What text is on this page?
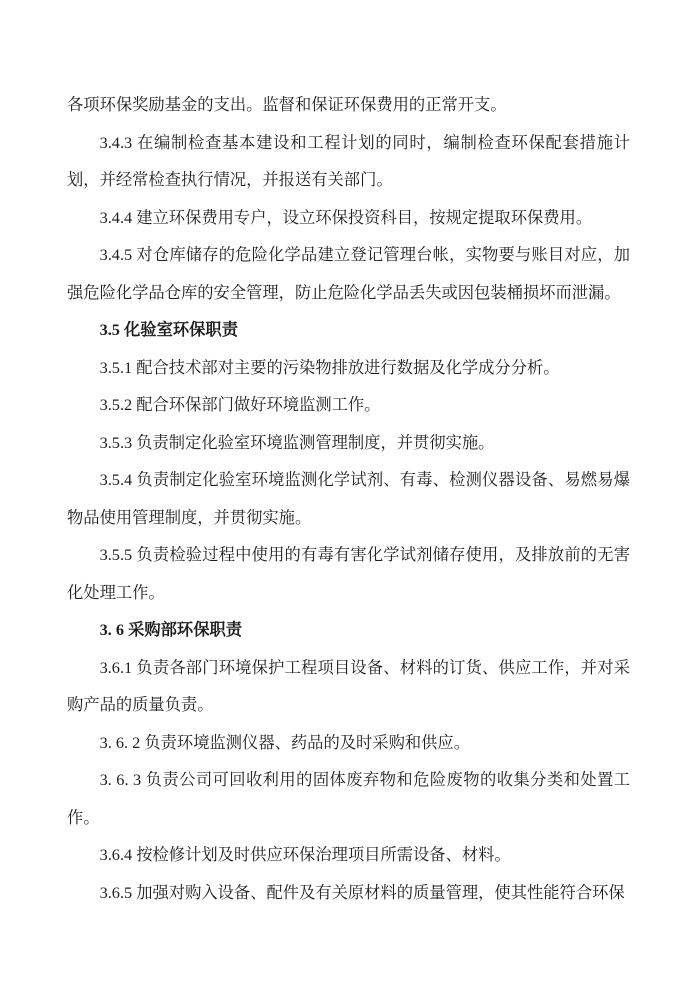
各项环保奖励基金的支出。监督和保证环保费用的正常开支。

3.4.3 在编制检查基本建设和工程计划的同时，编制检查环保配套措施计划，并经常检查执行情况，并报送有关部门。

3.4.4 建立环保费用专户，设立环保投资科目，按规定提取环保费用。

3.4.5 对仓库储存的危险化学品建立登记管理台帐，实物要与账目对应，加强危险化学品仓库的安全管理，防止危险化学品丢失或因包装桶损坏而泄漏。

3.5 化验室环保职责

3.5.1 配合技术部对主要的污染物排放进行数据及化学成分分析。

3.5.2 配合环保部门做好环境监测工作。

3.5.3 负责制定化验室环境监测管理制度，并贯彻实施。

3.5.4 负责制定化验室环境监测化学试剂、有毒、检测仪器设备、易燃易爆物品使用管理制度，并贯彻实施。

3.5.5 负责检验过程中使用的有毒有害化学试剂储存使用，及排放前的无害化处理工作。

3. 6 采购部环保职责

3.6.1 负责各部门环境保护工程项目设备、材料的订货、供应工作，并对采购产品的质量负责。

3. 6. 2 负责环境监测仪器、药品的及时采购和供应。

3. 6. 3 负责公司可回收利用的固体废弃物和危险废物的收集分类和处置工作。

3.6.4 按检修计划及时供应环保治理项目所需设备、材料。

3.6.5 加强对购入设备、配件及有关原材料的质量管理，使其性能符合环保
